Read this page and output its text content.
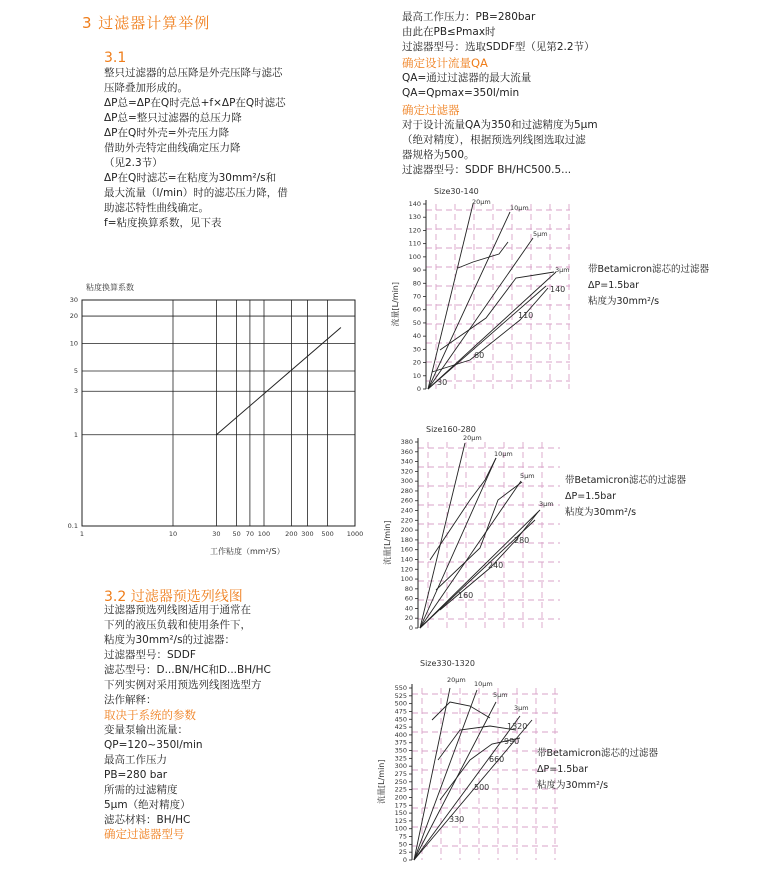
3 过滤器计算举例
3.1
整只过滤器的总压降是外壳压降与滤芯
压降叠加形成的。
ΔP总=ΔP在Q时壳总+f×ΔP在Q时滤芯
ΔP总=整只过滤器的总压力降
ΔP在Q时外壳=外壳压力降
借助外壳特定曲线确定压力降
（见2.3节）
ΔP在Q时滤芯=在粘度为30mm²/s和
最大流量（l/min）时的滤芯压力降，借
助滤芯特性曲线确定。
f=粘度换算系数，见下表
粘度换算系数
1	10	30 50 70 100 200 300 500 1000
0.1
1
3
5
10
20
30
工作粘度（mm²/S）
3.2 过滤器预选列线图
过滤器预选列线图适用于通常在
下列的液压负载和使用条件下，
粘度为30mm²/s的过滤器：
过滤器型号：SDDF
滤芯型号：D...BN/HC和D...BH/HC
下列实例对采用预选列线图选型方
法作解释：
取决于系统的参数
变量泵输出流量：
QP=120~350l/min
最高工作压力
PB=280 bar
所需的过滤精度
5μm（绝对精度）
滤芯材料：BH/HC
确定过滤器型号
最高工作压力：PB=280bar
由此在PB≤Pmax时
过滤器型号：选取SDDF型（见第2.2节）
确定设计流量QA
QA=通过过滤器的最大流量
QA=Qpmax=350l/min
确定过滤器
对于设计流量QA为350和过滤精度为5μm
（绝对精度），根据预选列线图选取过滤
器规格为500。
过滤器型号：SDDF BH/HC500.5...
Size30-140
0
10
20
30
40
50
60
70
80
90
100
110
120
130
140
流量[L/min]
20μm
10μm
5μm
3μm
30
60
110
140
带Betamicron滤芯的过滤器
ΔP=1.5bar
粘度为30mm²/s
Size160-280
0
20
40
60
80
100
120
140
160
180
200
220
240
260
280
300
320
340
360
380
流量[L/min]
20μm
10μm
5μm
3μm
160
240
280
带Betamicron滤芯的过滤器
ΔP=1.5bar
粘度为30mm²/s
Size330-1320
0
25
50
75
100
125
150
175
200
225
250
275
300
325
350
375
400
425
450
475
500
525
550
流量[L/min]
20μm 10μm
5μm
3μm
330
500
660
990
1320
带Betamicron滤芯的过滤器
ΔP=1.5bar
粘度为30mm²/s
